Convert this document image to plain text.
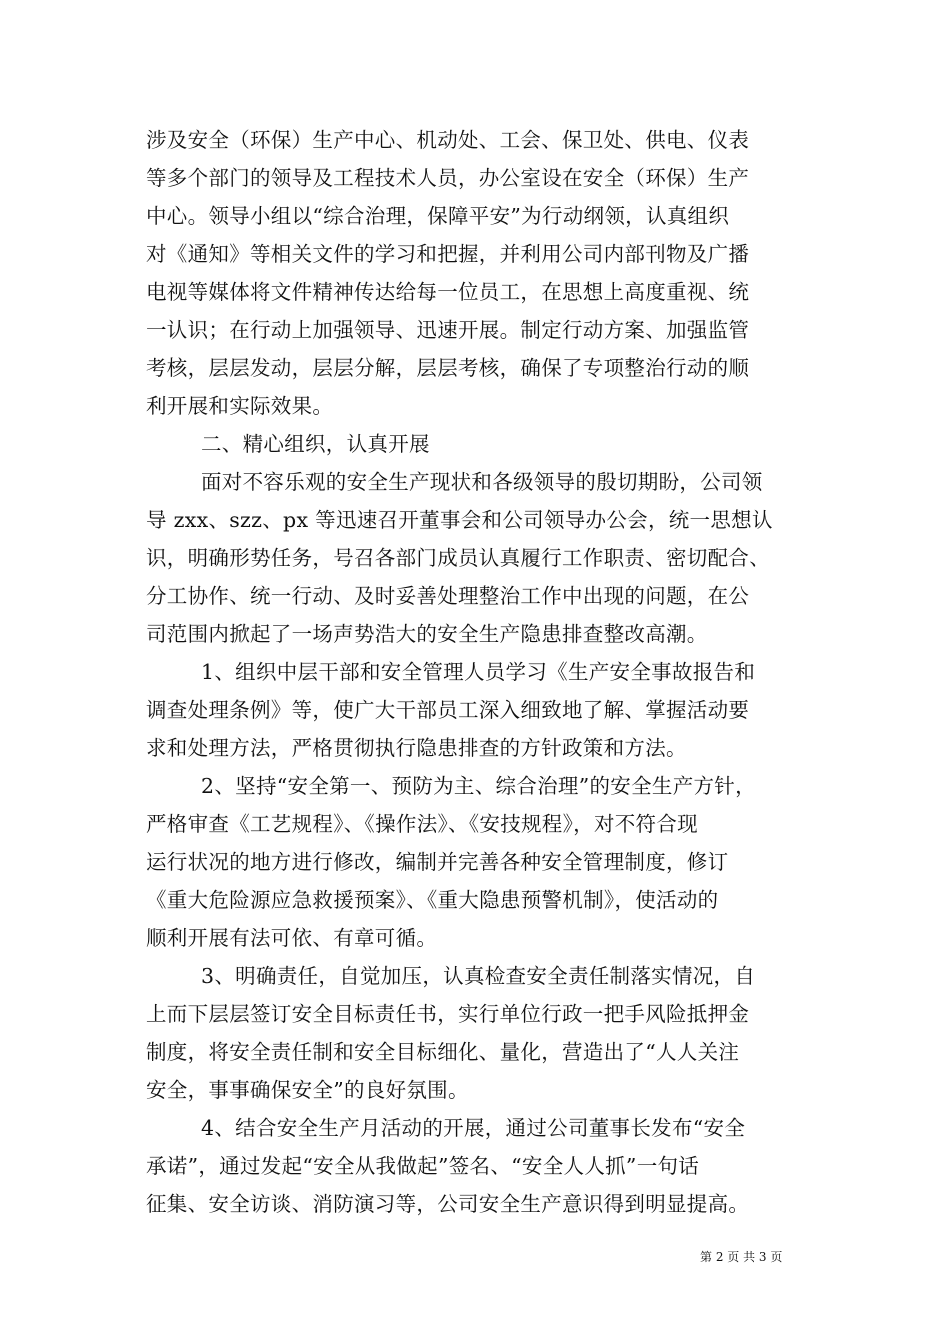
涉及安全（环保）生产中心、机动处、工会、保卫处、供电、仪表
等多个部门的领导及工程技术人员，办公室设在安全（环保）生产
中心。领导小组以“综合治理，保障平安”为行动纲领，认真组织
对《通知》等相关文件的学习和把握，并利用公司内部刊物及广播
电视等媒体将文件精神传达给每一位员工，在思想上高度重视、统
一认识；在行动上加强领导、迅速开展。制定行动方案、加强监管
考核，层层发动，层层分解，层层考核，确保了专项整治行动的顺
利开展和实际效果。
二、精心组织，认真开展
面对不容乐观的安全生产现状和各级领导的殷切期盼，公司领
导 zxx、szz、px 等迅速召开董事会和公司领导办公会，统一思想认
识，明确形势任务，号召各部门成员认真履行工作职责、密切配合、
分工协作、统一行动、及时妥善处理整治工作中出现的问题，在公
司范围内掀起了一场声势浩大的安全生产隐患排查整改高潮。
1、组织中层干部和安全管理人员学习《生产安全事故报告和
调查处理条例》等，使广大干部员工深入细致地了解、掌握活动要
求和处理方法，严格贯彻执行隐患排查的方针政策和方法。
2、坚持“安全第一、预防为主、综合治理”的安全生产方针，
严格审查《工艺规程》、《操作法》、《安技规程》，对不符合现
运行状况的地方进行修改，编制并完善各种安全管理制度，修订
《重大危险源应急救援预案》、《重大隐患预警机制》，使活动的
顺利开展有法可依、有章可循。
3、明确责任，自觉加压，认真检查安全责任制落实情况，自
上而下层层签订安全目标责任书，实行单位行政一把手风险抵押金
制度，将安全责任制和安全目标细化、量化，营造出了“人人关注
安全，事事确保安全”的良好氛围。
4、结合安全生产月活动的开展，通过公司董事长发布“安全
承诺”，通过发起“安全从我做起”签名、“安全人人抓”一句话
征集、安全访谈、消防演习等，公司安全生产意识得到明显提高。
第 2 页 共 3 页
